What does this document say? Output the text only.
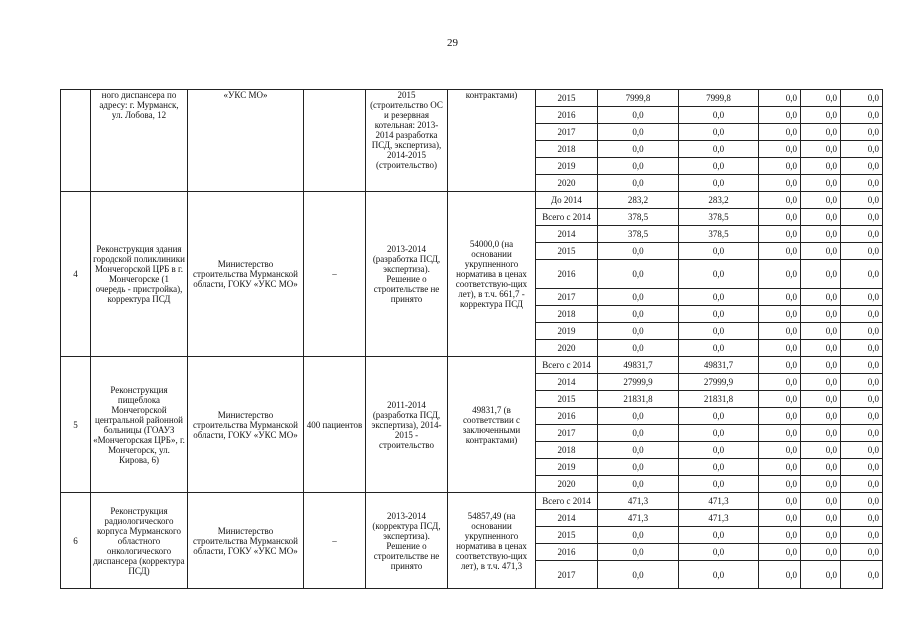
29
	ного диспансера по адресу: г. Мурманск, ул. Лобова, 12	«УКС МО»		2015 (строительство ОС и резервная котельная: 2013-2014 разработка ПСД, экспертиза), 2014-2015 (строительство)	контрактами)	2015	7999,8	7999,8	0,0	0,0	0,0
						2016	0,0	0,0	0,0	0,0	0,0
						2017	0,0	0,0	0,0	0,0	0,0
						2018	0,0	0,0	0,0	0,0	0,0
						2019	0,0	0,0	0,0	0,0	0,0
						2020	0,0	0,0	0,0	0,0	0,0
4	Реконструкция здания городской поликлиники Мончегорской ЦРБ в г. Мончегорске (1 очередь - пристройка), корректура ПСД	Министерство строительства Мурманской области, ГОКУ «УКС МО»	–	2013-2014 (разработка ПСД, экспертиза). Решение о строительстве не принято	54000,0 (на основании укрупненного норматива в ценах соответствую-щих лет), в т.ч. 661,7 - корректура ПСД	До 2014	283,2	283,2	0,0	0,0	0,0
						Всего с 2014	378,5	378,5	0,0	0,0	0,0
						2014	378,5	378,5	0,0	0,0	0,0
						2015	0,0	0,0	0,0	0,0	0,0
						2016	0,0	0,0	0,0	0,0	0,0
						2017	0,0	0,0	0,0	0,0	0,0
						2018	0,0	0,0	0,0	0,0	0,0
						2019	0,0	0,0	0,0	0,0	0,0
						2020	0,0	0,0	0,0	0,0	0,0
5	Реконструкция пищеблока Мончегорской центральной районной больницы (ГОАУЗ «Мончегорская ЦРБ», г. Мончегорск, ул. Кирова, 6)	Министерство строительства Мурманской области, ГОКУ «УКС МО»	400 пациентов	2011-2014 (разработка ПСД, экспертиза), 2014-2015 - строительство	49831,7 (в соответствии с заключенными контрактами)	Всего с 2014	49831,7	49831,7	0,0	0,0	0,0
						2014	27999,9	27999,9	0,0	0,0	0,0
						2015	21831,8	21831,8	0,0	0,0	0,0
						2016	0,0	0,0	0,0	0,0	0,0
						2017	0,0	0,0	0,0	0,0	0,0
						2018	0,0	0,0	0,0	0,0	0,0
						2019	0,0	0,0	0,0	0,0	0,0
						2020	0,0	0,0	0,0	0,0	0,0
6	Реконструкция радиологического корпуса Мурманского областного онкологического диспансера (корректура ПСД)	Министерство строительства Мурманской области, ГОКУ «УКС МО»	–	2013-2014 (корректура ПСД, экспертиза). Решение о строительстве не принято	54857,49 (на основании укрупненного норматива в ценах соответствую-щих лет), в т.ч. 471,3	Всего с 2014	471,3	471,3	0,0	0,0	0,0
						2014	471,3	471,3	0,0	0,0	0,0
						2015	0,0	0,0	0,0	0,0	0,0
						2016	0,0	0,0	0,0	0,0	0,0
						2017	0,0	0,0	0,0	0,0	0,0
